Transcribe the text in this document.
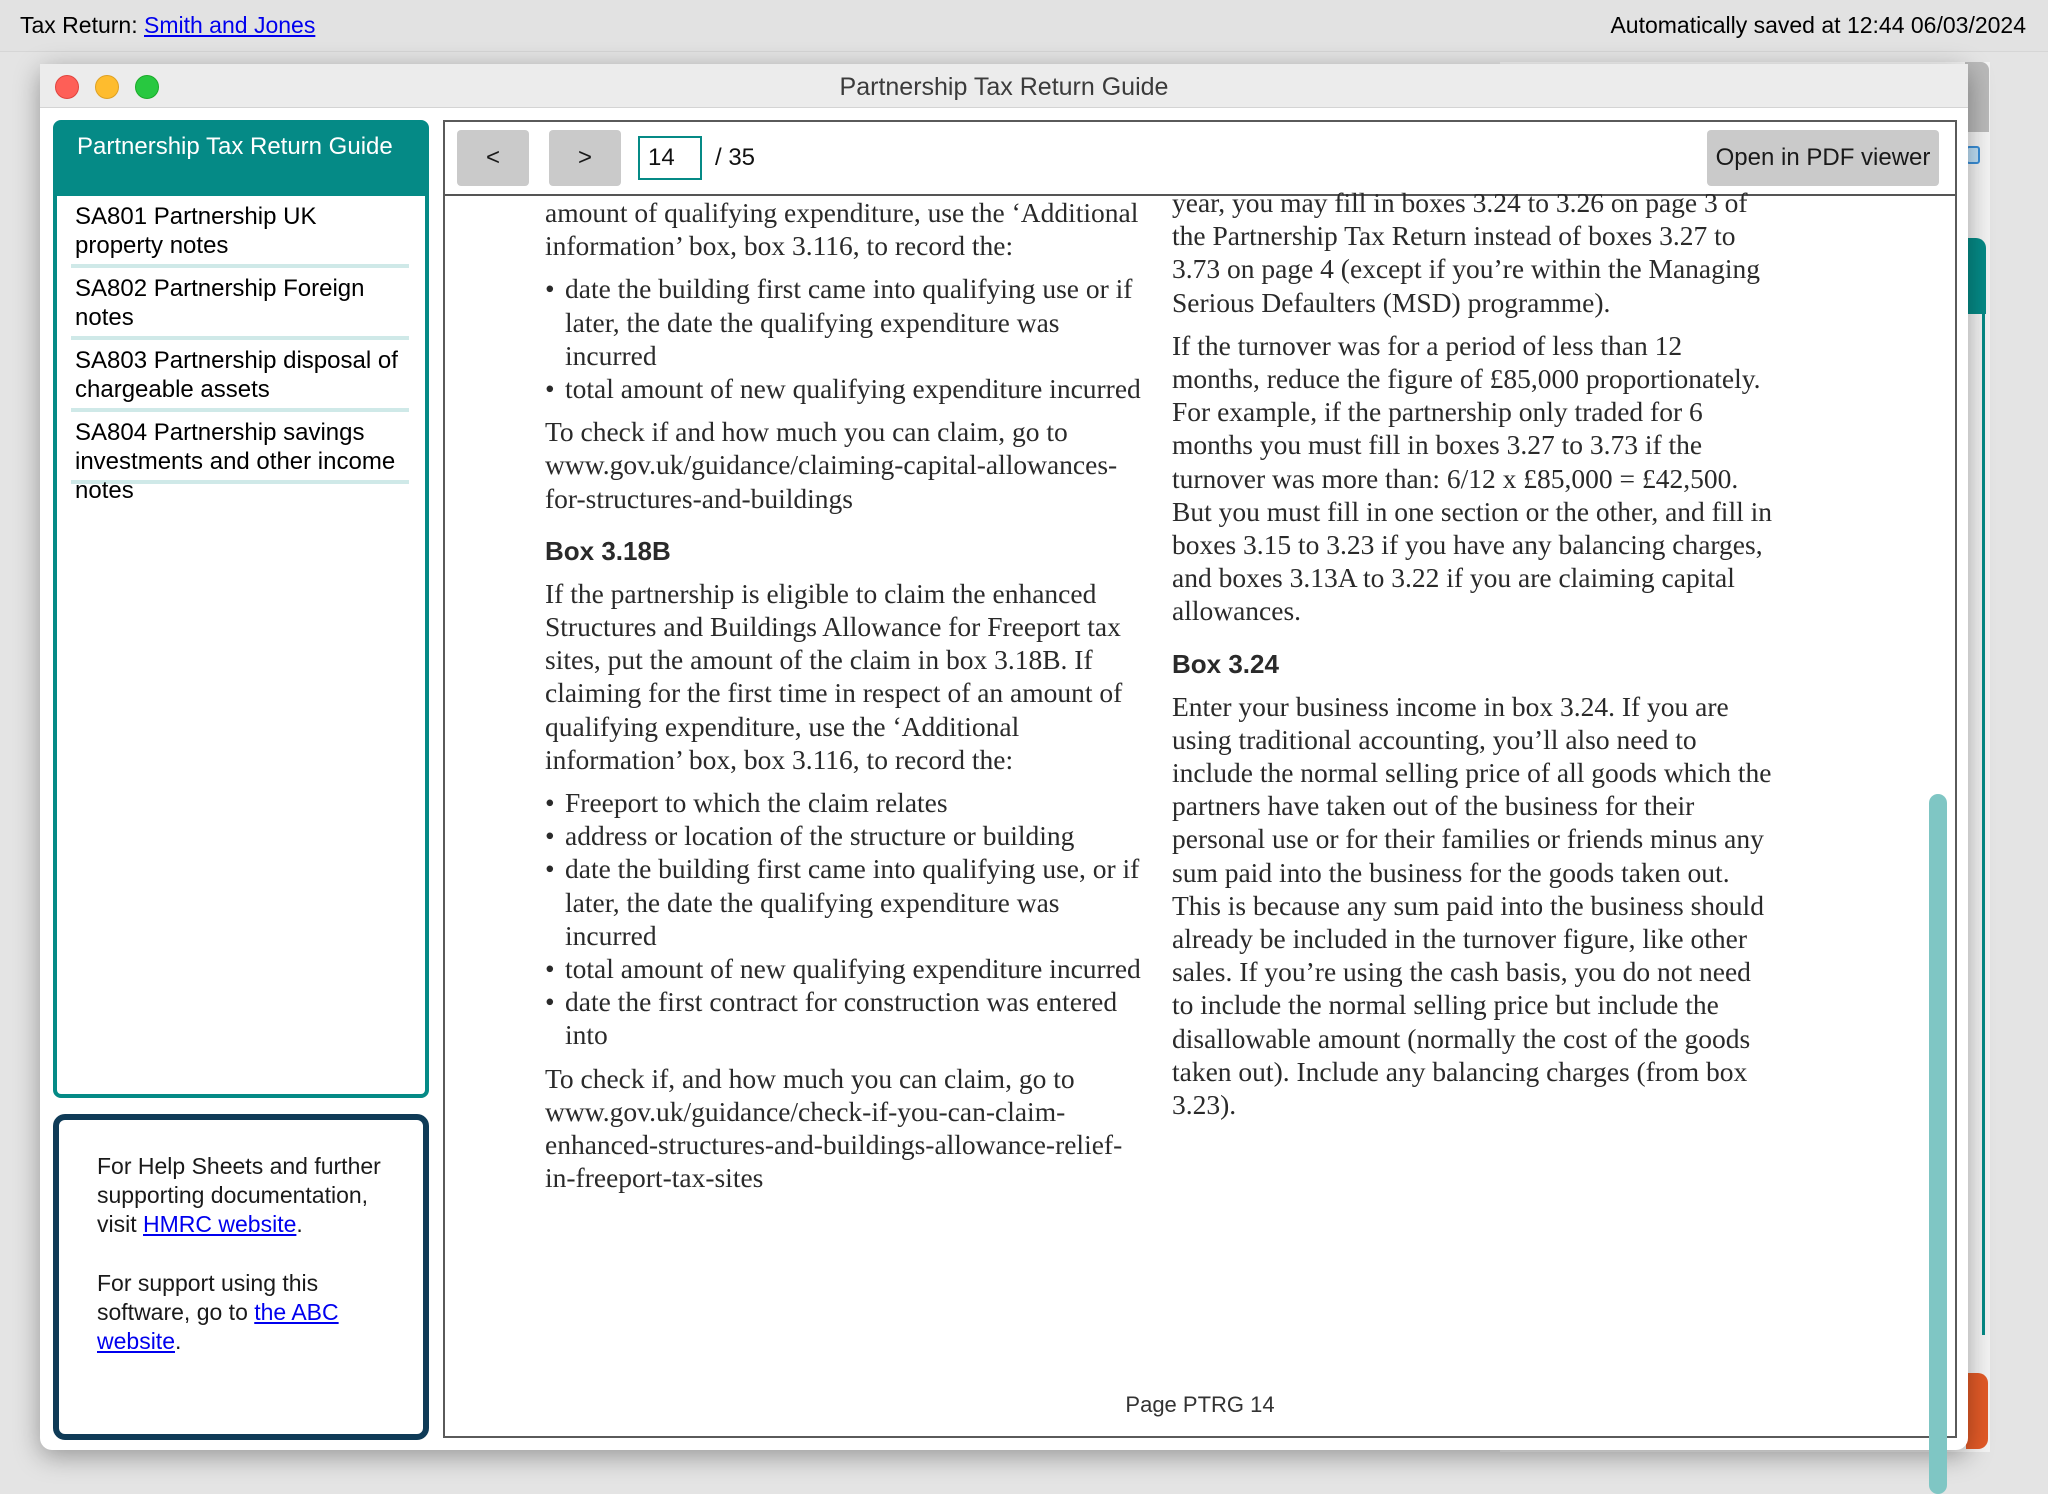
Tax Return: Smith and Jones	Automatically saved at 12:44 06/03/2024
Partnership Tax Return Guide
Partnership Tax Return Guide
SA801 Partnership UK property notes
SA802 Partnership Foreign notes
SA803 Partnership disposal of chargeable assets
SA804 Partnership savings investments and other income notes

For Help Sheets and further supporting documentation, visit HMRC website.

For support using this software, go to the ABC website.

<	>
14	/ 35	Open in PDF viewer

amount of qualifying expenditure, use the ‘Additional information’ box, box 3.116, to record the:

• date the building first came into qualifying use or if later, the date the qualifying expenditure was incurred
• total amount of new qualifying expenditure incurred

To check if and how much you can claim, go to www.gov.uk/guidance/claiming-capital-allowances-for-structures-and-buildings

Box 3.18B

If the partnership is eligible to claim the enhanced Structures and Buildings Allowance for Freeport tax sites, put the amount of the claim in box 3.18B. If claiming for the first time in respect of an amount of qualifying expenditure, use the ‘Additional information’ box, box 3.116, to record the:

• Freeport to which the claim relates
• address or location of the structure or building
• date the building first came into qualifying use, or if later, the date the qualifying expenditure was incurred
• total amount of new qualifying expenditure incurred
• date the first contract for construction was entered into

To check if, and how much you can claim, go to www.gov.uk/guidance/check-if-you-can-claim-enhanced-structures-and-buildings-allowance-relief-in-freeport-tax-sites

year, you may fill in boxes 3.24 to 3.26 on page 3 of the Partnership Tax Return instead of boxes 3.27 to 3.73 on page 4 (except if you’re within the Managing Serious Defaulters (MSD) programme).

If the turnover was for a period of less than 12 months, reduce the figure of £85,000 proportionately. For example, if the partnership only traded for 6 months you must fill in boxes 3.27 to 3.73 if the turnover was more than: 6/12 x £85,000 = £42,500. But you must fill in one section or the other, and fill in boxes 3.15 to 3.23 if you have any balancing charges, and boxes 3.13A to 3.22 if you are claiming capital allowances.

Box 3.24

Enter your business income in box 3.24. If you are using traditional accounting, you’ll also need to include the normal selling price of all goods which the partners have taken out of the business for their personal use or for their families or friends minus any sum paid into the business for the goods taken out. This is because any sum paid into the business should already be included in the turnover figure, like other sales. If you’re using the cash basis, you do not need to include the normal selling price but include the disallowable amount (normally the cost of the goods taken out). Include any balancing charges (from box 3.23).

Page PTRG 14
